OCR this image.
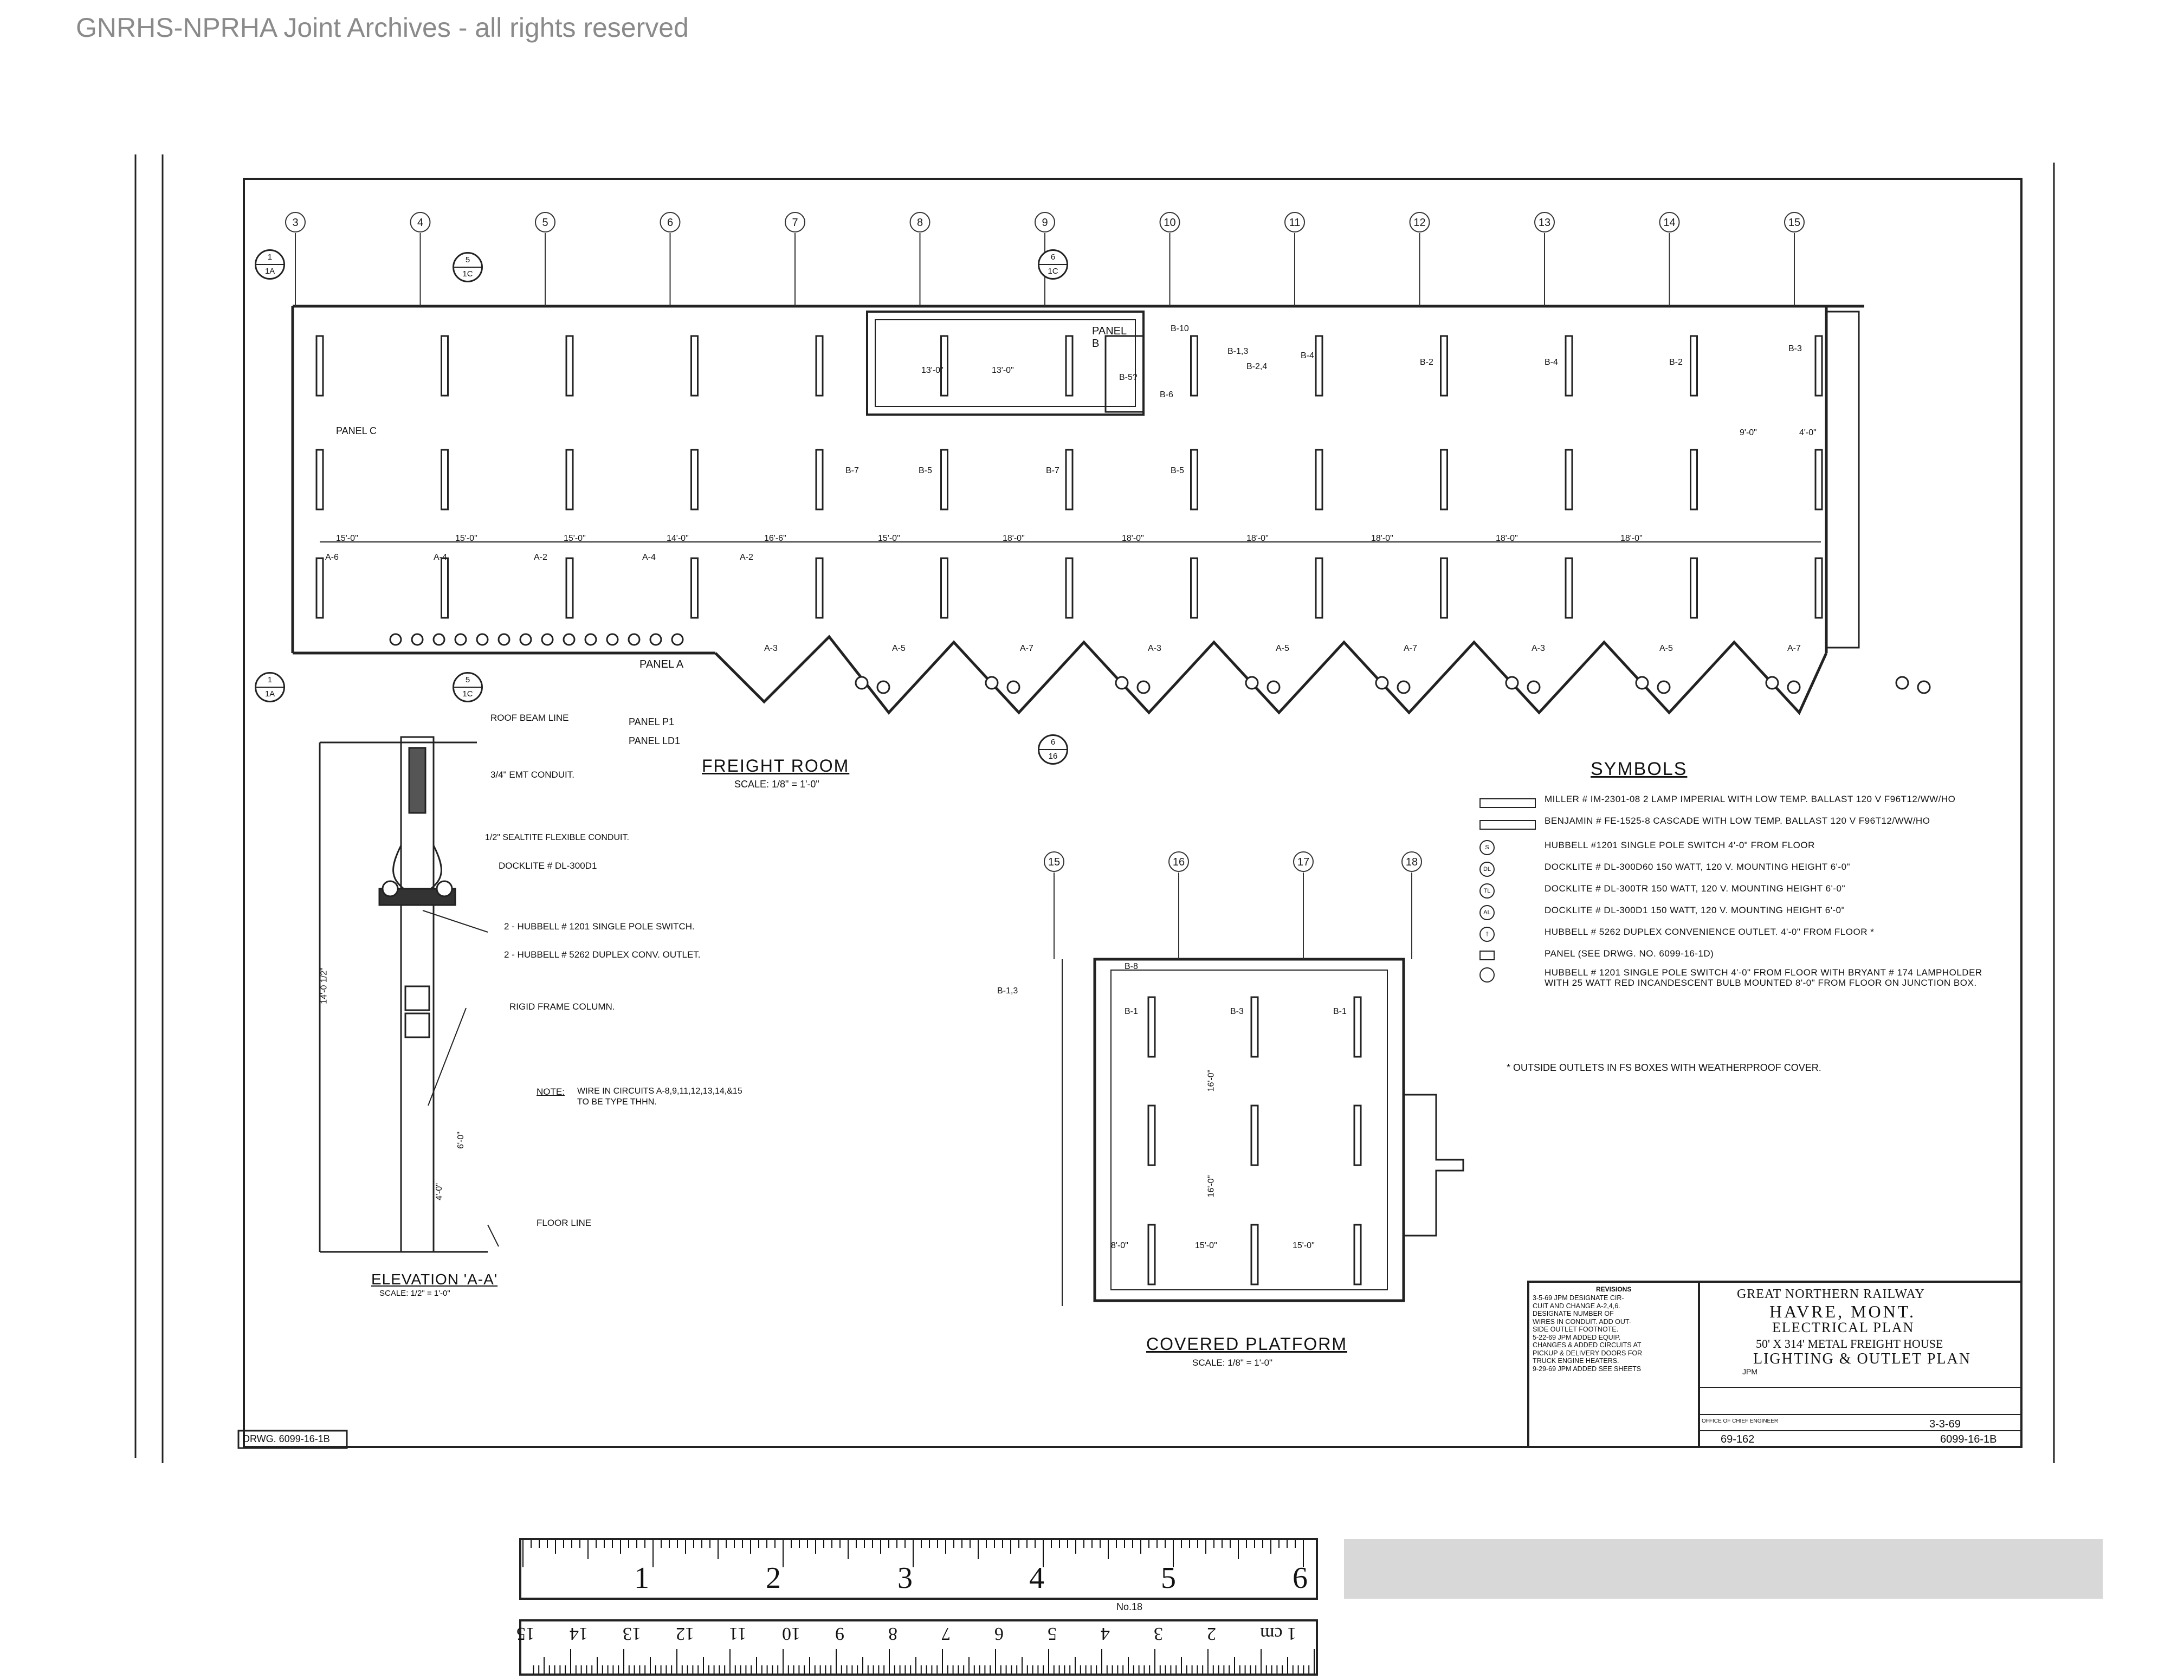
GNRHS-NPRHA Joint Archives - all rights reserved
3	4	5	6	7	8	9	10	11	12	13	14	15
15	16	17	18
FREIGHT ROOM
SCALE: 1/8" = 1'-0"
PANEL B
PANEL C
PANEL A
PANEL P1
PANEL LD1
15'-0"	15'-0"	15'-0"	14'-0"	16'-6"	15'-0"	18'-0"	18'-0"	18'-0"	18'-0"	18'-0"	18'-0"
9'-0"	4'-0"
13'-0"	13'-0"
B-10
B-5?
B-1,3
B-2,4
B-6
B-4
B-2	B-4	B-2
B-3
B-7	B-5	B-7	B-5
A-6	A-4	A-2	A-4	A-2
A-3	A-5	A-7	A-3	A-5	A-7	A-3	A-5	A-7
1
1A
5
1C
6
1C
1
1A
5
1C
6
16
ELEVATION 'A-A'
SCALE: 1/2" = 1'-0"
ROOF BEAM LINE
3/4" EMT CONDUIT.
1/2" SEALTITE FLEXIBLE CONDUIT.
DOCKLITE # DL-300D1
2 - HUBBELL # 1201 SINGLE POLE SWITCH.
2 - HUBBELL # 5262 DUPLEX CONV. OUTLET.
RIGID FRAME COLUMN.
FLOOR LINE
14'-0 1/2"
4'-0"
6'-0"
NOTE: WIRE IN CIRCUITS A-8,9,11,12,13,14,&15
TO BE TYPE THHN.
SYMBOLS
MILLER # IM-2301-08 2 LAMP IMPERIAL WITH LOW TEMP. BALLAST 120 V F96T12/WW/HO
BENJAMIN # FE-1525-8 CASCADE WITH LOW TEMP. BALLAST 120 V F96T12/WW/HO
S	HUBBELL #1201 SINGLE POLE SWITCH 4'-0" FROM FLOOR
DL	DOCKLITE # DL-300D60 150 WATT, 120 V. MOUNTING HEIGHT 6'-0"
TL	DOCKLITE # DL-300TR 150 WATT, 120 V. MOUNTING HEIGHT 6'-0"
AL	DOCKLITE # DL-300D1 150 WATT, 120 V. MOUNTING HEIGHT 6'-0"
†	HUBBELL # 5262 DUPLEX CONVENIENCE OUTLET. 4'-0" FROM FLOOR *
PANEL (SEE DRWG. NO. 6099-16-1D)
HUBBELL # 1201 SINGLE POLE SWITCH 4'-0" FROM FLOOR WITH BRYANT # 174 LAMPHOLDER WITH 25 WATT RED INCANDESCENT BULB MOUNTED 8'-0" FROM FLOOR ON JUNCTION BOX.
* OUTSIDE OUTLETS IN FS BOXES WITH WEATHERPROOF COVER.
COVERED PLATFORM
SCALE: 1/8" = 1'-0"
B-8
B-1,3
B-1	B-3	B-1
8'-0"	15'-0"	15'-0"
16'-0"
16'-0"
REVISIONS
3-5-69 JPM DESIGNATE CIR-
CUIT AND CHANGE A-2,4,6.
DESIGNATE NUMBER OF
WIRES IN CONDUIT. ADD OUT-
SIDE OUTLET FOOTNOTE.
5-22-69 JPM ADDED EQUIP.
CHANGES & ADDED CIRCUITS AT
PICKUP & DELIVERY DOORS FOR
TRUCK ENGINE HEATERS.
9-29-69 JPM ADDED SEE SHEETS
GREAT NORTHERN RAILWAY
HAVRE, MONT.
ELECTRICAL PLAN
50' X 314' METAL FREIGHT HOUSE
LIGHTING & OUTLET PLAN
JPM
3-3-69
OFFICE OF CHIEF ENGINEER
69-162	6099-16-1B
DRWG. 6099-16-1B
1	2	3	4	5	6
1 cm
2
3
4
5
6
7
8
9
10
11
12
13
14
15
No.18
